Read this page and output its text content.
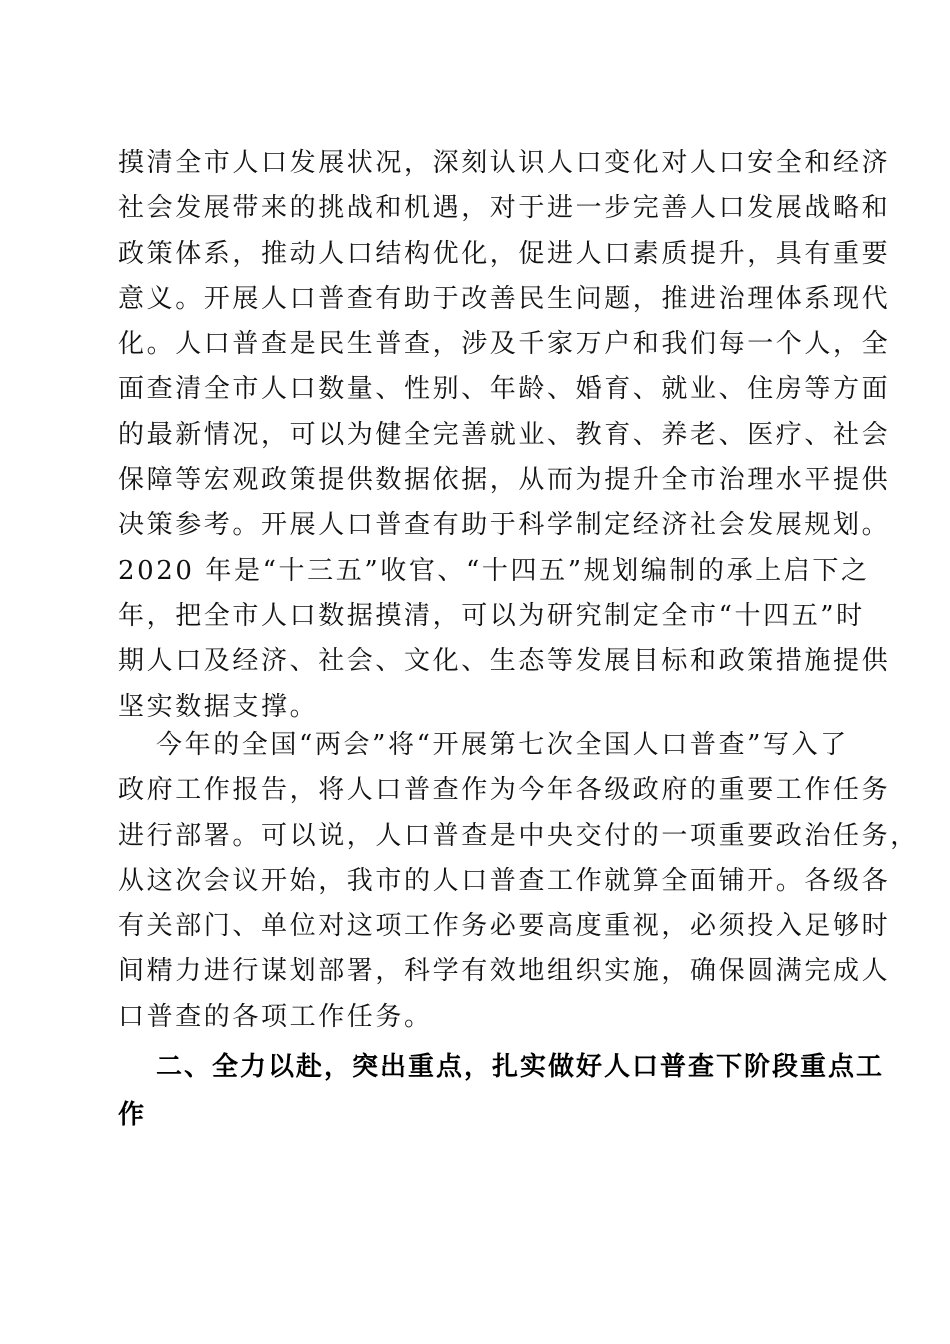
摸清全市人口发展状况，深刻认识人口变化对人口安全和经济
社会发展带来的挑战和机遇，对于进一步完善人口发展战略和
政策体系，推动人口结构优化，促进人口素质提升，具有重要
意义。开展人口普查有助于改善民生问题，推进治理体系现代
化。人口普查是民生普查，涉及千家万户和我们每一个人，全
面查清全市人口数量、性别、年龄、婚育、就业、住房等方面
的最新情况，可以为健全完善就业、教育、养老、医疗、社会
保障等宏观政策提供数据依据，从而为提升全市治理水平提供
决策参考。开展人口普查有助于科学制定经济社会发展规划。
2020 年是“十三五”收官、“十四五”规划编制的承上启下之
年，把全市人口数据摸清，可以为研究制定全市“十四五”时
期人口及经济、社会、文化、生态等发展目标和政策措施提供
坚实数据支撑。
今年的全国“两会”将“开展第七次全国人口普查”写入了
政府工作报告，将人口普查作为今年各级政府的重要工作任务
进行部署。可以说，人口普查是中央交付的一项重要政治任务，
从这次会议开始，我市的人口普查工作就算全面铺开。各级各
有关部门、单位对这项工作务必要高度重视，必须投入足够时
间精力进行谋划部署，科学有效地组织实施，确保圆满完成人
口普查的各项工作任务。
二、全力以赴，突出重点，扎实做好人口普查下阶段重点工
作
